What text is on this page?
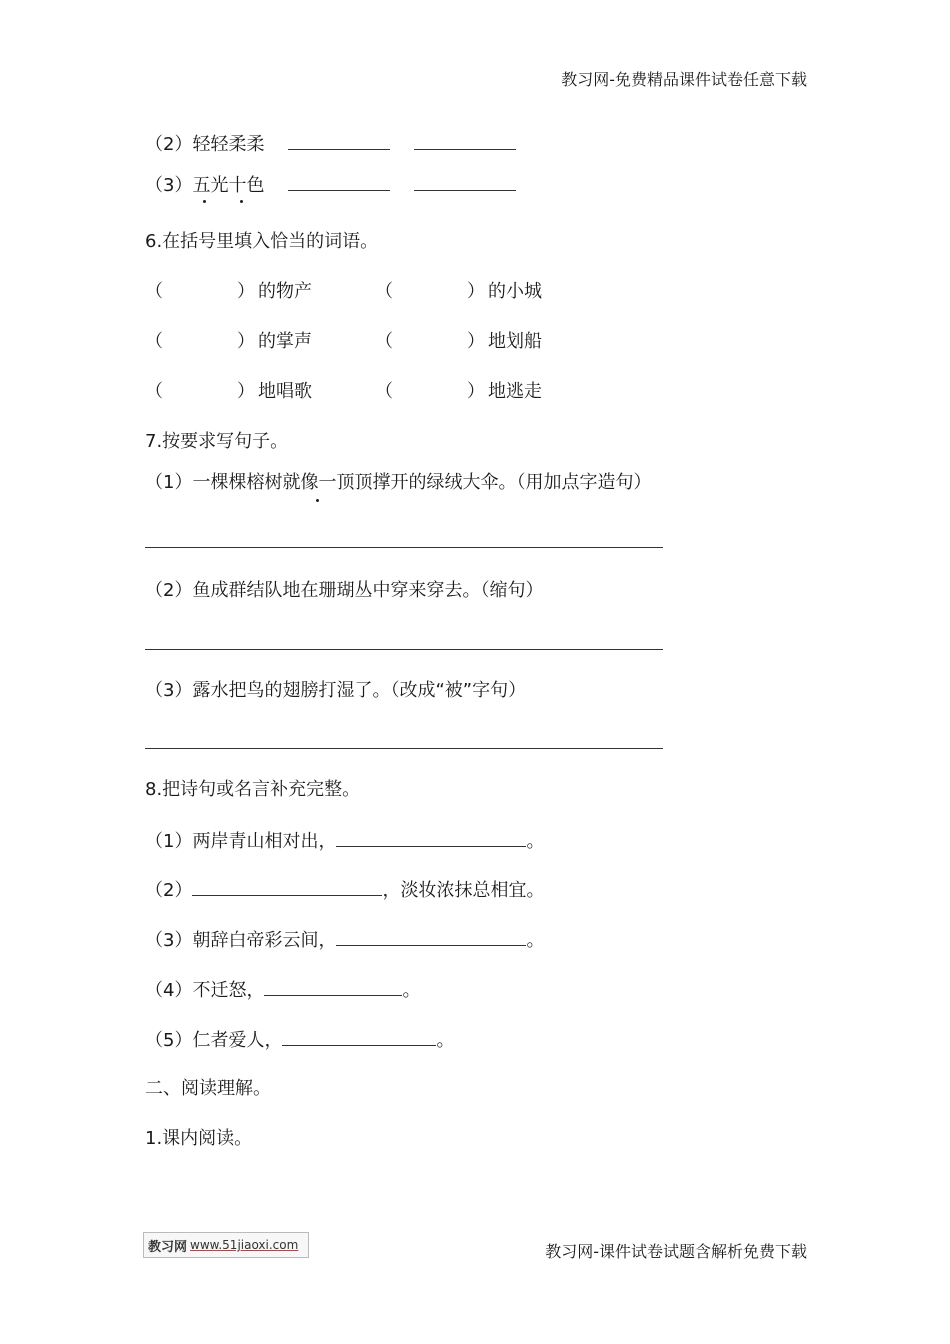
教习网-免费精品课件试卷任意下载
（2）轻轻柔柔
（3）五光十色
6.在括号里填入恰当的词语。
（	） 的物产	（	） 的小城
（	） 的掌声	（	） 地划船
（	） 地唱歌	（	） 地逃走
7.按要求写句子。
（1）一棵棵榕树就像一顶顶撑开的绿绒大伞。（用加点字造句）
（2）鱼成群结队地在珊瑚丛中穿来穿去。（缩句）
（3）露水把鸟的翅膀打湿了。（改成“被”字句）
8.把诗句或名言补充完整。
（1）两岸青山相对出，	。
（2）	，淡妆浓抹总相宜。
（3）朝辞白帝彩云间，	。
（4）不迁怒，	。
（5）仁者爱人，	。
二、阅读理解。
1.课内阅读。
教习网 www.51jiaoxi.com	教习网-课件试卷试题含解析免费下载
